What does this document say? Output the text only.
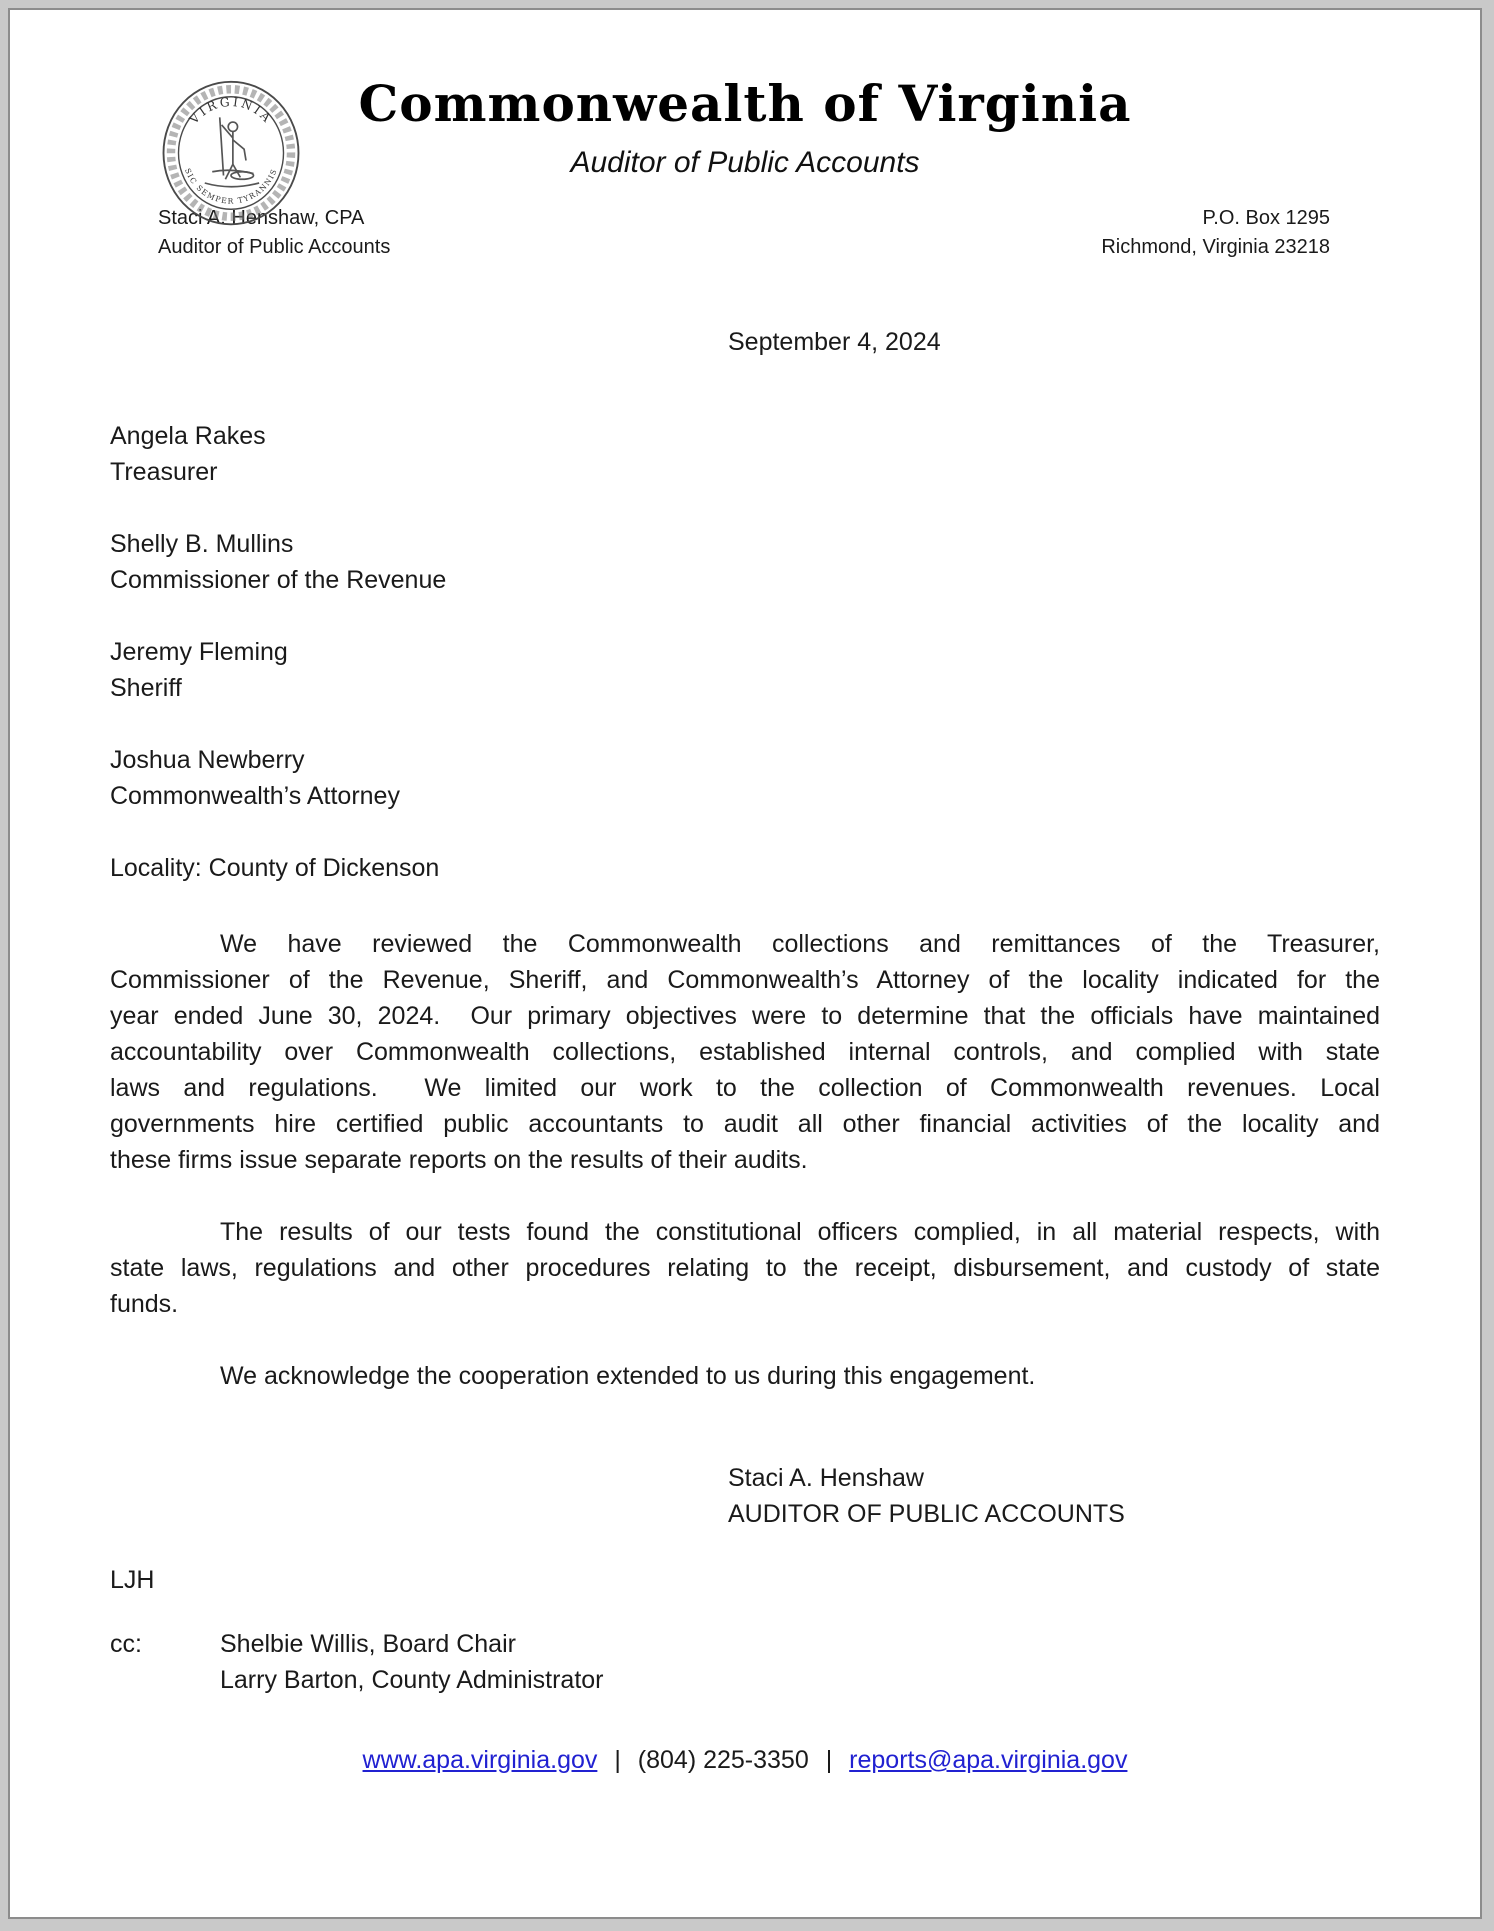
VIRGINIA
SIC SEMPER TYRANNIS
Commonwealth of Virginia
Auditor of Public Accounts
Staci A. Henshaw, CPA
Auditor of Public Accounts
P.O. Box 1295
Richmond, Virginia 23218
September 4, 2024
Angela Rakes
Treasurer
Shelly B. Mullins
Commissioner of the Revenue
Jeremy Fleming
Sheriff
Joshua Newberry
Commonwealth’s Attorney
Locality: County of Dickenson
We have reviewed the Commonwealth collections and remittances of the Treasurer,
Commissioner of the Revenue, Sheriff, and Commonwealth’s Attorney of the locality indicated for the
year ended June 30, 2024.  Our primary objectives were to determine that the officials have maintained
accountability over Commonwealth collections, established internal controls, and complied with state
laws and regulations.  We limited our work to the collection of Commonwealth revenues. Local
governments hire certified public accountants to audit all other financial activities of the locality and
these firms issue separate reports on the results of their audits.
The results of our tests found the constitutional officers complied, in all material respects, with
state laws, regulations and other procedures relating to the receipt, disbursement, and custody of state
funds.
We acknowledge the cooperation extended to us during this engagement.
Staci A. Henshaw
AUDITOR OF PUBLIC ACCOUNTS
LJH
cc:	Shelbie Willis, Board Chair
Larry Barton, County Administrator
www.apa.virginia.gov | (804) 225-3350 | reports@apa.virginia.gov
